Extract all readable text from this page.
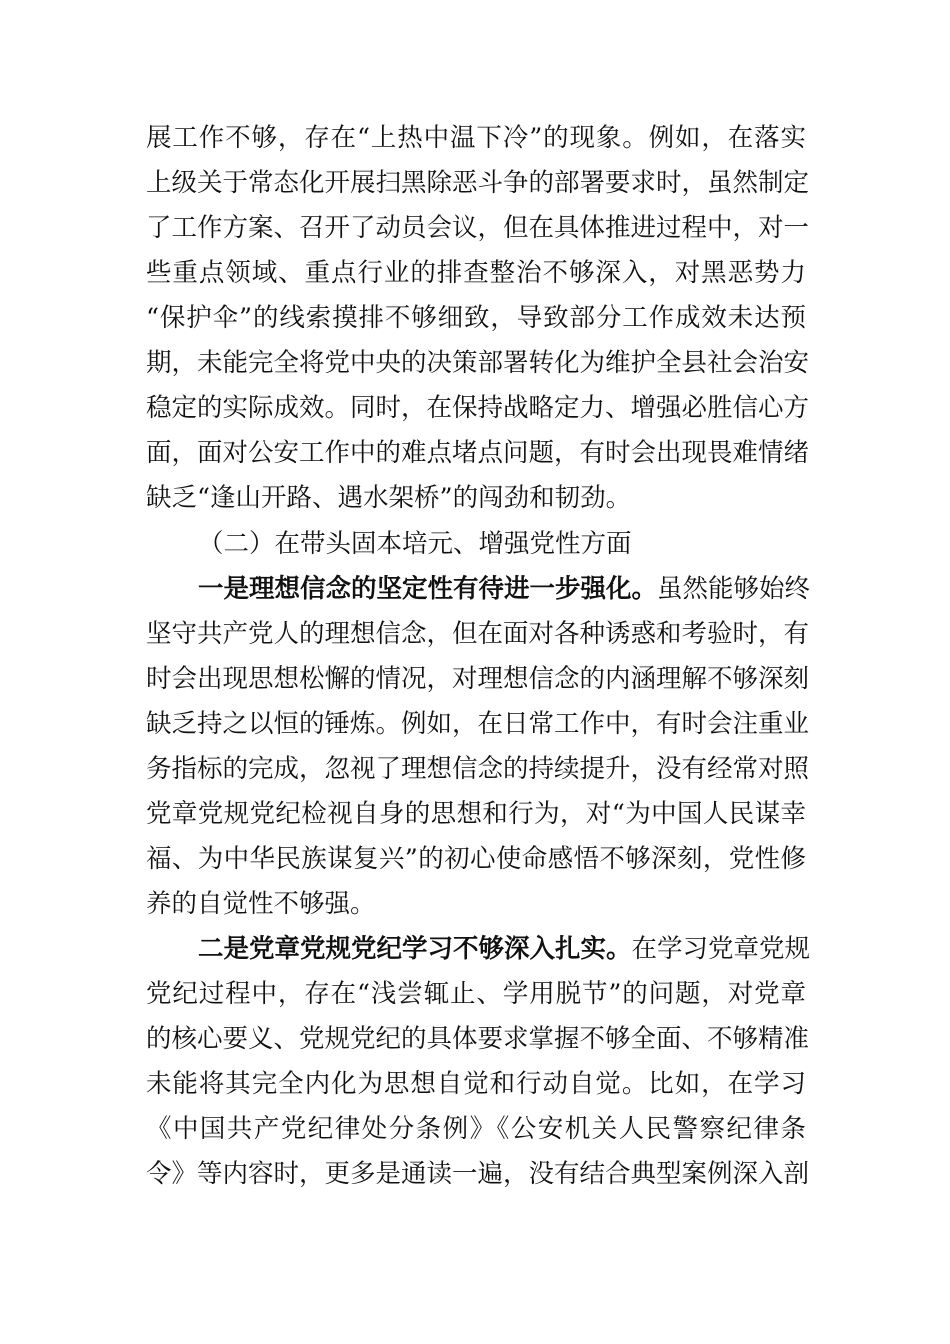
展工作不够，存在“上热中温下冷”的现象。例如，在落实
上级关于常态化开展扫黑除恶斗争的部署要求时，虽然制定
了工作方案、召开了动员会议，但在具体推进过程中，对一
些重点领域、重点行业的排查整治不够深入，对黑恶势力
“保护伞”的线索摸排不够细致，导致部分工作成效未达预
期，未能完全将党中央的决策部署转化为维护全县社会治安
稳定的实际成效。同时，在保持战略定力、增强必胜信心方
面，面对公安工作中的难点堵点问题，有时会出现畏难情绪
缺乏“逢山开路、遇水架桥”的闯劲和韧劲。
（二）在带头固本培元、增强党性方面
一是理想信念的坚定性有待进一步强化。虽然能够始终
坚守共产党人的理想信念，但在面对各种诱惑和考验时，有
时会出现思想松懈的情况，对理想信念的内涵理解不够深刻
缺乏持之以恒的锤炼。例如，在日常工作中，有时会注重业
务指标的完成，忽视了理想信念的持续提升，没有经常对照
党章党规党纪检视自身的思想和行为，对“为中国人民谋幸
福、为中华民族谋复兴”的初心使命感悟不够深刻，党性修
养的自觉性不够强。
二是党章党规党纪学习不够深入扎实。在学习党章党规
党纪过程中，存在“浅尝辄止、学用脱节”的问题，对党章
的核心要义、党规党纪的具体要求掌握不够全面、不够精准
未能将其完全内化为思想自觉和行动自觉。比如，在学习
《中国共产党纪律处分条例》《公安机关人民警察纪律条
令》等内容时，更多是通读一遍，没有结合典型案例深入剖
